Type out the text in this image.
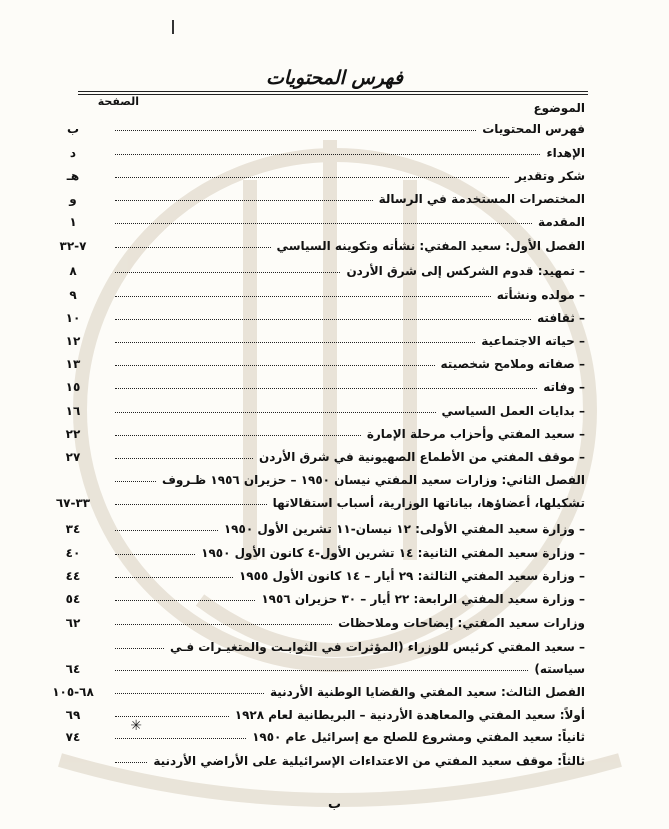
فهرس المحتويات
الصفحة	الموضوع
فهرس المحتويات
ب
الإهداء
د
شكر وتقدير
هـ
المختصرات المستخدمة في الرسالة
و
المقدمة
١
الفصل الأول: سعيد المفتي: نشأته وتكوينه السياسي
٧-٣٢
– تمهيد: قدوم الشركس إلى شرق الأردن
٨
– مولده ونشأته
٩
– ثقافته
١٠
– حياته الاجتماعية
١٢
– صفاته وملامح شخصيته
١٣
– وفاته
١٥
– بدايات العمل السياسي
١٦
– سعيد المفتي وأحزاب مرحلة الإمارة
٢٢
– موقف المفتي من الأطماع الصهيونية في شرق الأردن
٢٧
الفصل الثاني: وزارات سعيد المفتي نيسان ١٩٥٠ – حزيران ١٩٥٦ ظـروف
تشكيلها، أعضاؤها، بياناتها الوزارية، أسباب استقالاتها
٣٣-٦٧
– وزارة سعيد المفتي الأولى: ١٢ نيسان-١١ تشرين الأول ١٩٥٠
٣٤
– وزارة سعيد المفتي الثانية: ١٤ تشرين الأول-٤ كانون الأول ١٩٥٠
٤٠
– وزارة سعيد المفتي الثالثة: ٢٩ أيار – ١٤ كانون الأول ١٩٥٥
٤٤
– وزارة سعيد المفتي الرابعة: ٢٢ أيار – ٣٠ حزيران ١٩٥٦
٥٤
وزارات سعيد المفتي: إيضاحات وملاحظات
٦٢
– سعيد المفتي كرئيس للوزراء (المؤثرات في الثوابـت والمتغيـرات فـي
سياسته)
٦٤
الفصل الثالث: سعيد المفتي والقضايا الوطنية الأردنية
٦٨-١٠٥
أولاً: سعيد المفتي والمعاهدة الأردنية – البريطانية لعام ١٩٢٨
٦٩
ثانياً: سعيد المفتي ومشروع للصلح مع إسرائيل عام ١٩٥٠
٧٤
ثالثاً: موقف سعيد المفتي من الاعتداءات الإسرائيلية على الأراضي الأردنية
✳
ب
